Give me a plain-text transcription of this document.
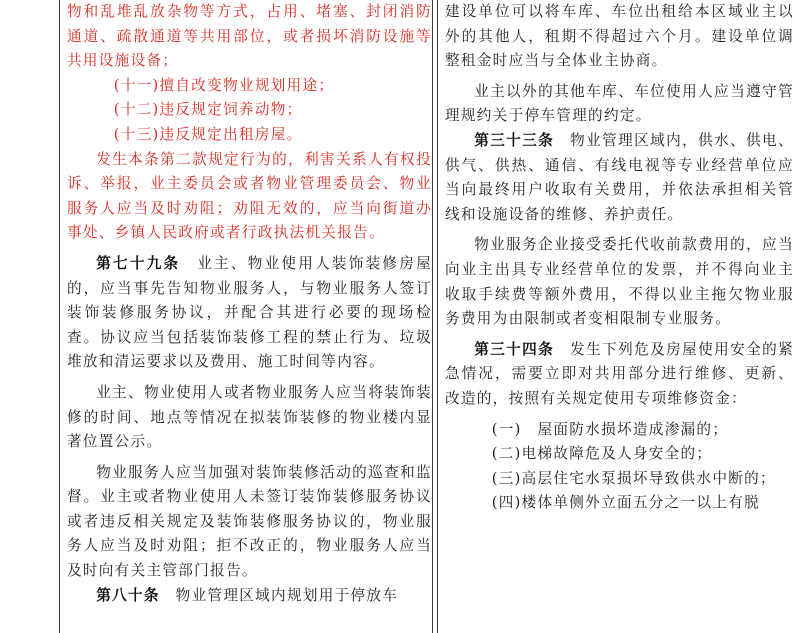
物和乱堆乱放杂物等方式，占用、堵塞、封闭消防通道、疏散通道等共用部位，或者损坏消防设施等共用设施设备；

(十一)擅自改变物业规划用途；

(十二)违反规定饲养动物；

(十三)违反规定出租房屋。

发生本条第二款规定行为的，利害关系人有权投诉、举报，业主委员会或者物业管理委员会、物业服务人应当及时劝阻；劝阻无效的，应当向街道办事处、乡镇人民政府或者行政执法机关报告。

第七十九条　 业主、物业使用人装饰装修房屋的，应当事先告知物业服务人，与物业服务人签订装饰装修服务协议，并配合其进行必要的现场检查。协议应当包括装饰装修工程的禁止行为、垃圾堆放和清运要求以及费用、施工时间等内容。

业主、物业使用人或者物业服务人应当将装饰装修的时间、地点等情况在拟装饰装修的物业楼内显著位置公示。

物业服务人应当加强对装饰装修活动的巡查和监督。业主或者物业使用人未签订装饰装修服务协议或者违反相关规定及装饰装修服务协议的，物业服务人应当及时劝阻；拒不改正的，物业服务人应当及时向有关主管部门报告。

第八十条　 物业管理区域内规划用于停放车

建设单位可以将车库、车位出租给本区域业主以外的其他人，租期不得超过六个月。建设单位调整租金时应当与全体业主协商。

业主以外的其他车库、车位使用人应当遵守管理规约关于停车管理的约定。

第三十三条　 物业管理区域内，供水、供电、供气、供热、通信、有线电视等专业经营单位应当向最终用户收取有关费用，并依法承担相关管线和设施设备的维修、养护责任。

物业服务企业接受委托代收前款费用的，应当向业主出具专业经营单位的发票，并不得向业主收取手续费等额外费用，不得以业主拖欠物业服务费用为由限制或者变相限制专业服务。

第三十四条　 发生下列危及房屋使用安全的紧急情况，需要立即对共用部分进行维修、更新、改造的，按照有关规定使用专项维修资金：

(一)　屋面防水损坏造成渗漏的；

(二)电梯故障危及人身安全的；

(三)高层住宅水泵损坏导致供水中断的；

(四)楼体单侧外立面五分之一以上有脱
